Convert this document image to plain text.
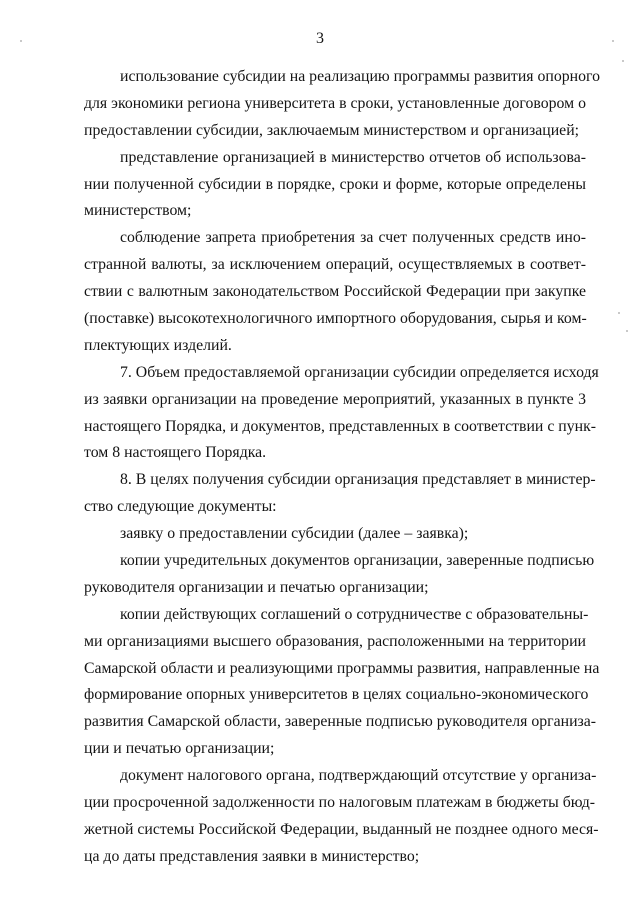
3
использование субсидии на реализацию программы развития опорного
для экономики региона университета в сроки, установленные договором о
предоставлении субсидии, заключаемым министерством и организацией;
представление организацией в министерство отчетов об использова-
нии полученной субсидии в порядке, сроки и форме, которые определены
министерством;
соблюдение запрета приобретения за счет полученных средств ино-
странной валюты, за исключением операций, осуществляемых в соответ-
ствии с валютным законодательством Российской Федерации при закупке
(поставке) высокотехнологичного импортного оборудования, сырья и ком-
плектующих изделий.
7. Объем предоставляемой организации субсидии определяется исходя
из заявки организации на проведение мероприятий, указанных в пункте 3
настоящего Порядка, и документов, представленных в соответствии с пунк-
том 8 настоящего Порядка.
8. В целях получения субсидии организация представляет в министер-
ство следующие документы:
заявку о предоставлении субсидии (далее – заявка);
копии учредительных документов организации, заверенные подписью
руководителя организации и печатью организации;
копии действующих соглашений о сотрудничестве с образовательны-
ми организациями высшего образования, расположенными на территории
Самарской области и реализующими программы развития, направленные на
формирование опорных университетов в целях социально-экономического
развития Самарской области, заверенные подписью руководителя организа-
ции и печатью организации;
документ налогового органа, подтверждающий отсутствие у организа-
ции просроченной задолженности по налоговым платежам в бюджеты бюд-
жетной системы Российской Федерации, выданный не позднее одного меся-
ца до даты представления заявки в министерство;
